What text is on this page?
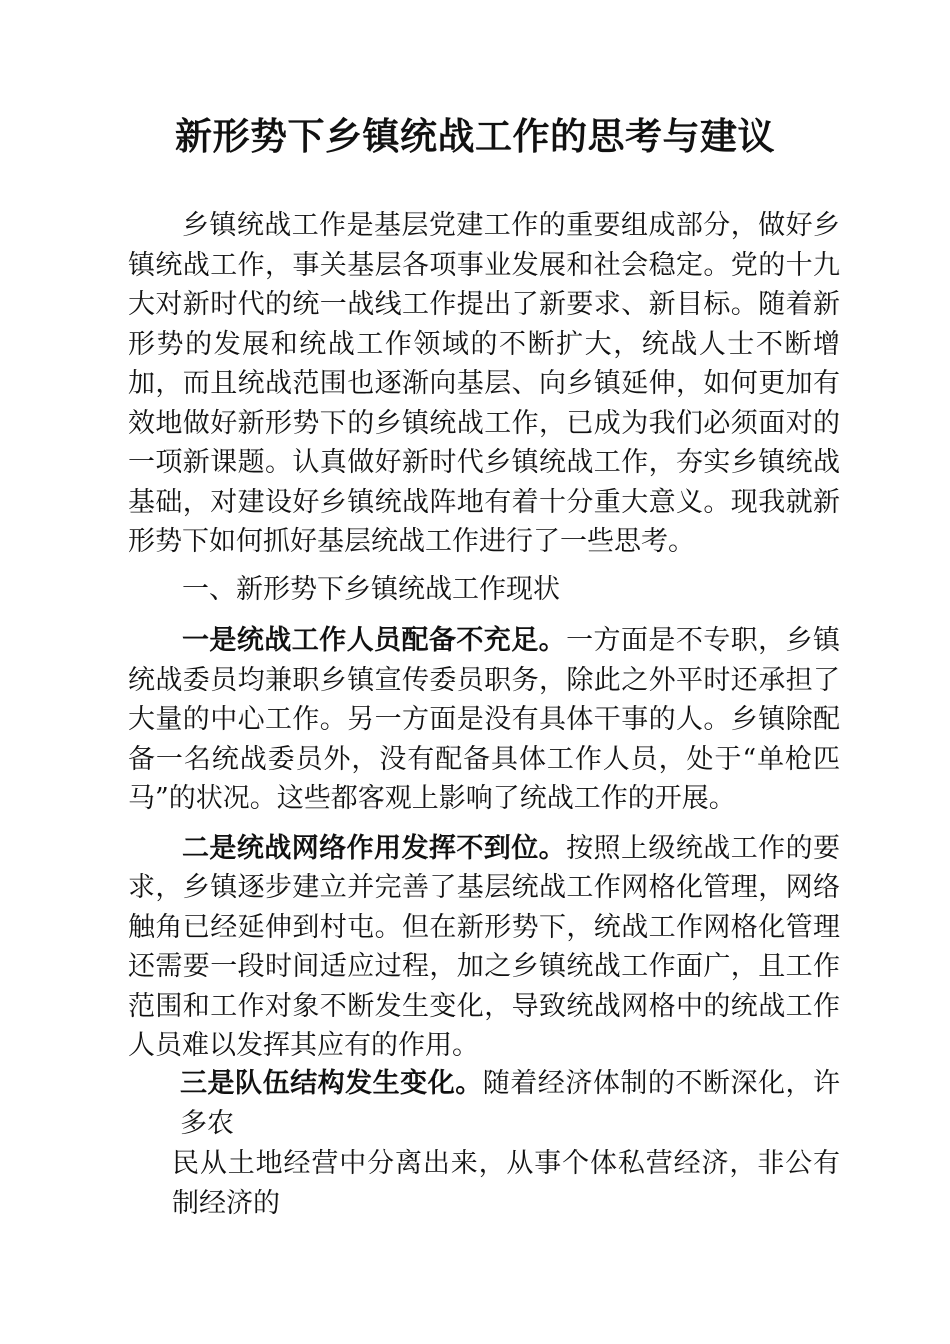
新形势下乡镇统战工作的思考与建议

乡镇统战工作是基层党建工作的重要组成部分，做好乡镇统战工作，事关基层各项事业发展和社会稳定。党的十九大对新时代的统一战线工作提出了新要求、新目标。随着新形势的发展和统战工作领域的不断扩大，统战人士不断增加，而且统战范围也逐渐向基层、向乡镇延伸，如何更加有效地做好新形势下的乡镇统战工作，已成为我们必须面对的一项新课题。认真做好新时代乡镇统战工作，夯实乡镇统战基础，对建设好乡镇统战阵地有着十分重大意义。现我就新形势下如何抓好基层统战工作进行了一些思考。

一、新形势下乡镇统战工作现状

一是统战工作人员配备不充足。一方面是不专职，乡镇统战委员均兼职乡镇宣传委员职务，除此之外平时还承担了大量的中心工作。另一方面是没有具体干事的人。乡镇除配备一名统战委员外，没有配备具体工作人员，处于“单枪匹马”的状况。这些都客观上影响了统战工作的开展。

二是统战网络作用发挥不到位。按照上级统战工作的要求，乡镇逐步建立并完善了基层统战工作网格化管理，网络触角已经延伸到村屯。但在新形势下，统战工作网格化管理还需要一段时间适应过程，加之乡镇统战工作面广，且工作范围和工作对象不断发生变化，导致统战网格中的统战工作人员难以发挥其应有的作用。

三是队伍结构发生变化。随着经济体制的不断深化，许多农
民从土地经营中分离出来，从事个体私营经济，非公有制经济的
